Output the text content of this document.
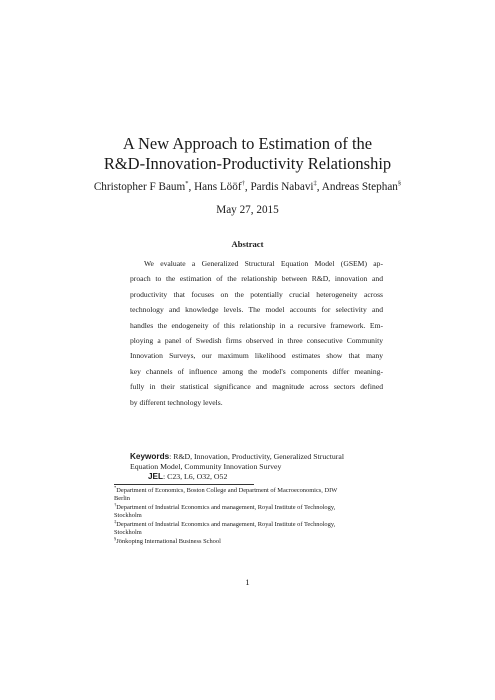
A New Approach to Estimation of the
R&D-Innovation-Productivity Relationship
Christopher F Baum*, Hans Lööf†, Pardis Nabavi‡, Andreas Stephan§
May 27, 2015
Abstract
We evaluate a Generalized Structural Equation Model (GSEM) ap-
proach to the estimation of the relationship between R&D, innovation and
productivity that focuses on the potentially crucial heterogeneity across
technology and knowledge levels. The model accounts for selectivity and
handles the endogeneity of this relationship in a recursive framework. Em-
ploying a panel of Swedish firms observed in three consecutive Community
Innovation Surveys, our maximum likelihood estimates show that many
key channels of influence among the model's components differ meaning-
fully in their statistical significance and magnitude across sectors defined
by different technology levels.
Keywords: R&D, Innovation, Productivity, Generalized Structural
Equation Model, Community Innovation Survey
JEL: C23, L6, O32, O52
*Department of Economics, Boston College and Department of Macroeconomics, DIW
Berlin
†Department of Industrial Economics and management, Royal Institute of Technology,
Stockholm
‡Department of Industrial Economics and management, Royal Institute of Technology,
Stockholm
§Jönkoping International Business School
1
